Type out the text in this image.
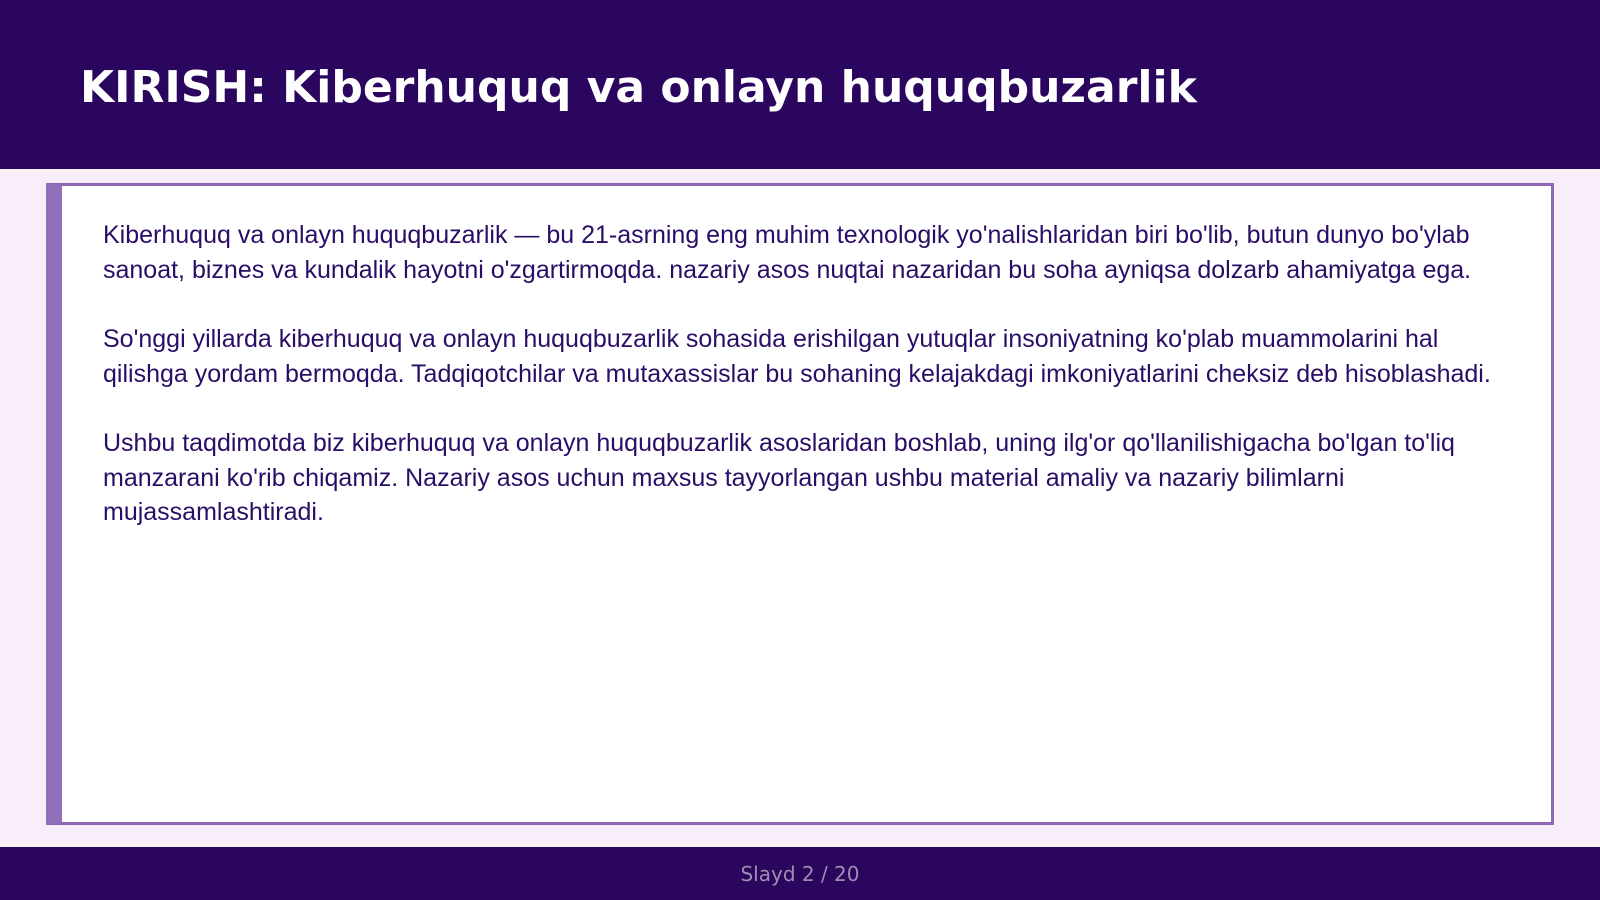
KIRISH: Kiberhuquq va onlayn huquqbuzarlik

Kiberhuquq va onlayn huquqbuzarlik — bu 21-asrning eng muhim texnologik yo'nalishlaridan biri bo'lib, butun dunyo bo'ylab sanoat, biznes va kundalik hayotni o'zgartirmoqda. nazariy asos nuqtai nazaridan bu soha ayniqsa dolzarb ahamiyatga ega.

So'nggi yillarda kiberhuquq va onlayn huquqbuzarlik sohasida erishilgan yutuqlar insoniyatning ko'plab muammolarini hal qilishga yordam bermoqda. Tadqiqotchilar va mutaxassislar bu sohaning kelajakdagi imkoniyatlarini cheksiz deb hisoblashadi.

Ushbu taqdimotda biz kiberhuquq va onlayn huquqbuzarlik asoslaridan boshlab, uning ilg'or qo'llanilishigacha bo'lgan to'liq manzarani ko'rib chiqamiz. Nazariy asos uchun maxsus tayyorlangan ushbu material amaliy va nazariy bilimlarni mujassamlashtiradi.

Slayd 2 / 20
